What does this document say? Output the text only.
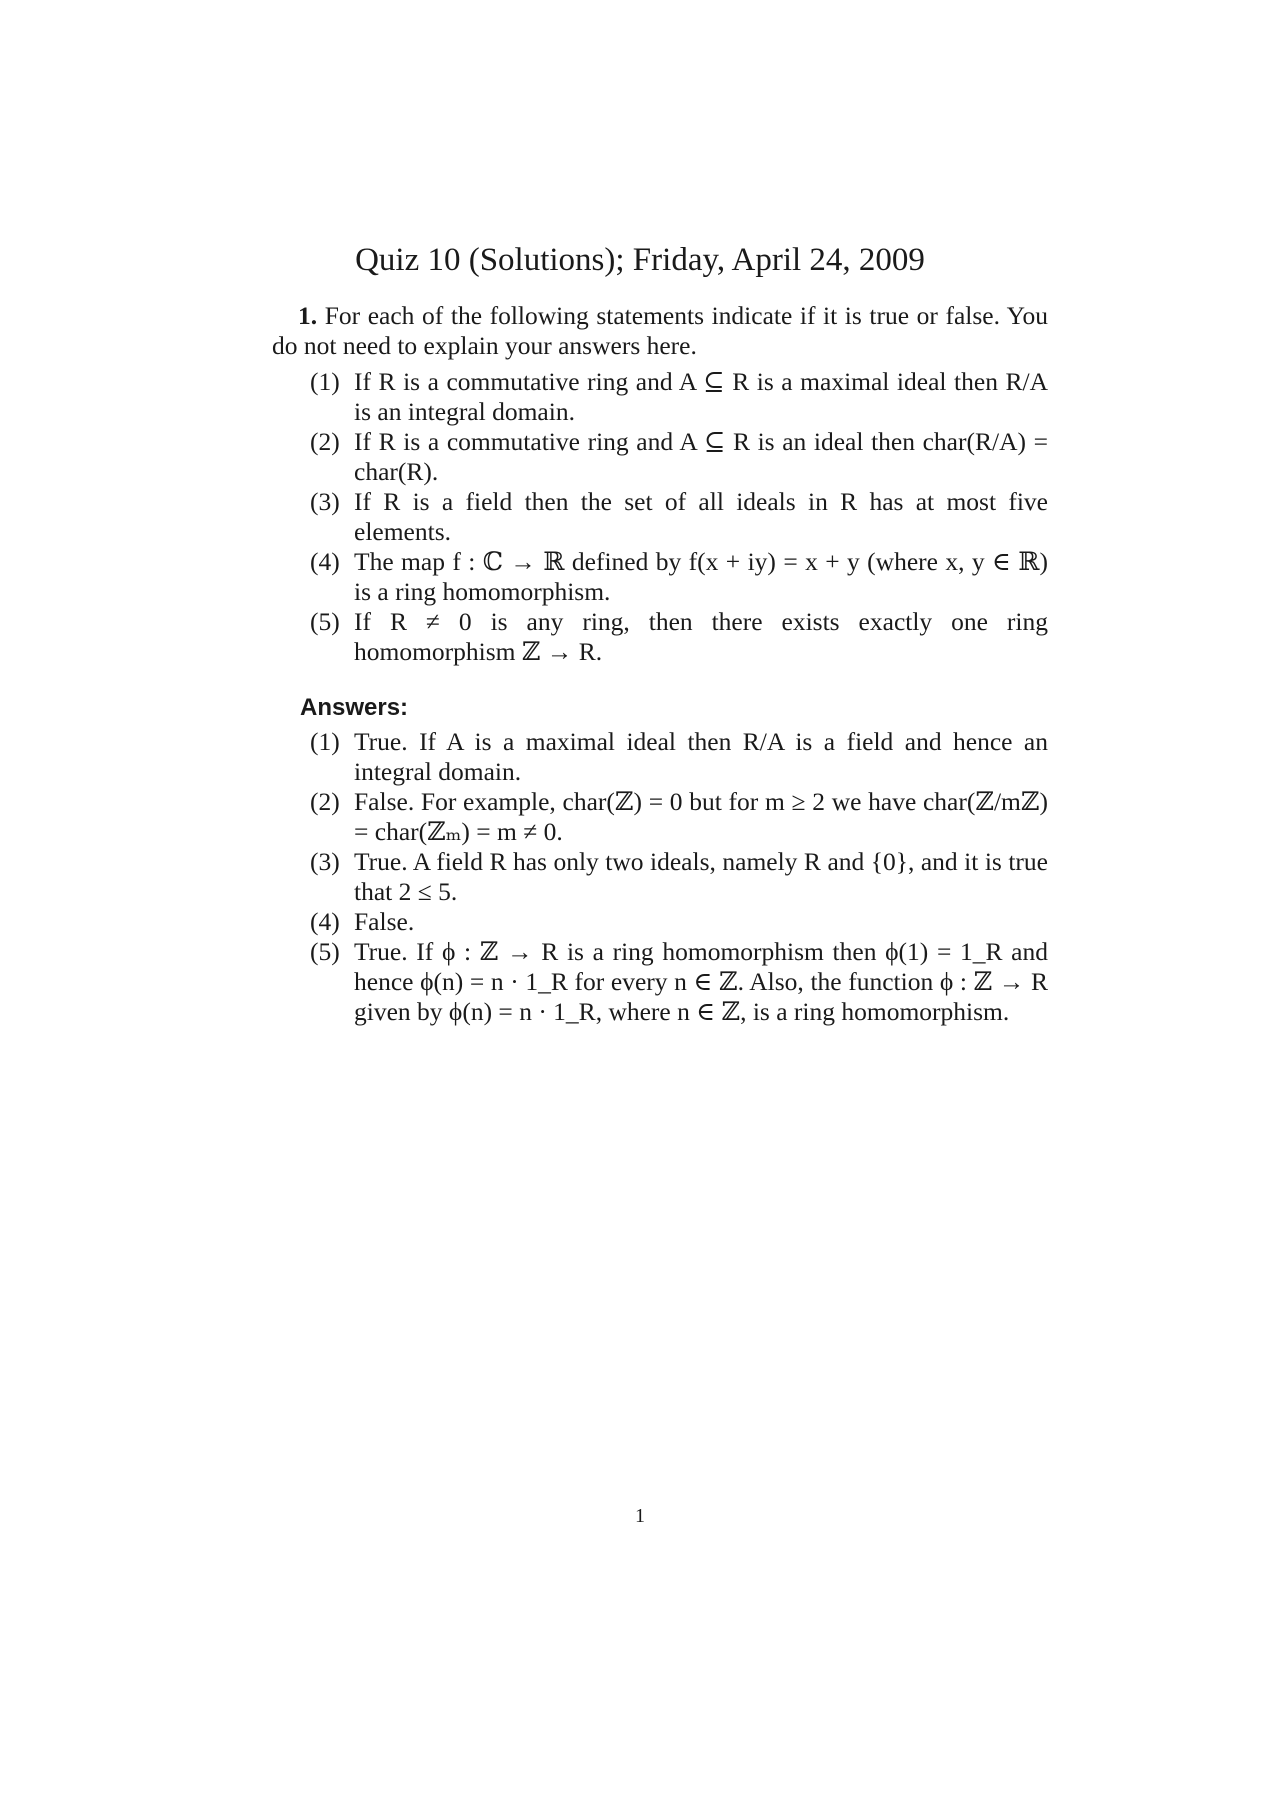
Quiz 10 (Solutions); Friday, April 24, 2009

1. For each of the following statements indicate if it is true or false. You do not need to explain your answers here.

(1) If R is a commutative ring and A ⊆ R is a maximal ideal then R/A is an integral domain.
(2) If R is a commutative ring and A ⊆ R is an ideal then char(R/A) = char(R).
(3) If R is a field then the set of all ideals in R has at most five elements.
(4) The map f : ℂ → ℝ defined by f(x + iy) = x + y (where x, y ∈ ℝ) is a ring homomorphism.
(5) If R ≠ 0 is any ring, then there exists exactly one ring homomorphism ℤ → R.
Answers:
(1) True. If A is a maximal ideal then R/A is a field and hence an integral domain.
(2) False. For example, char(ℤ) = 0 but for m ≥ 2 we have char(ℤ/mℤ) = char(ℤₘ) = m ≠ 0.
(3) True. A field R has only two ideals, namely R and {0}, and it is true that 2 ≤ 5.
(4) False.
(5) True. If ϕ : ℤ → R is a ring homomorphism then ϕ(1) = 1_R and hence ϕ(n) = n · 1_R for every n ∈ ℤ. Also, the function ϕ : ℤ → R given by ϕ(n) = n · 1_R, where n ∈ ℤ, is a ring homomorphism.
1
